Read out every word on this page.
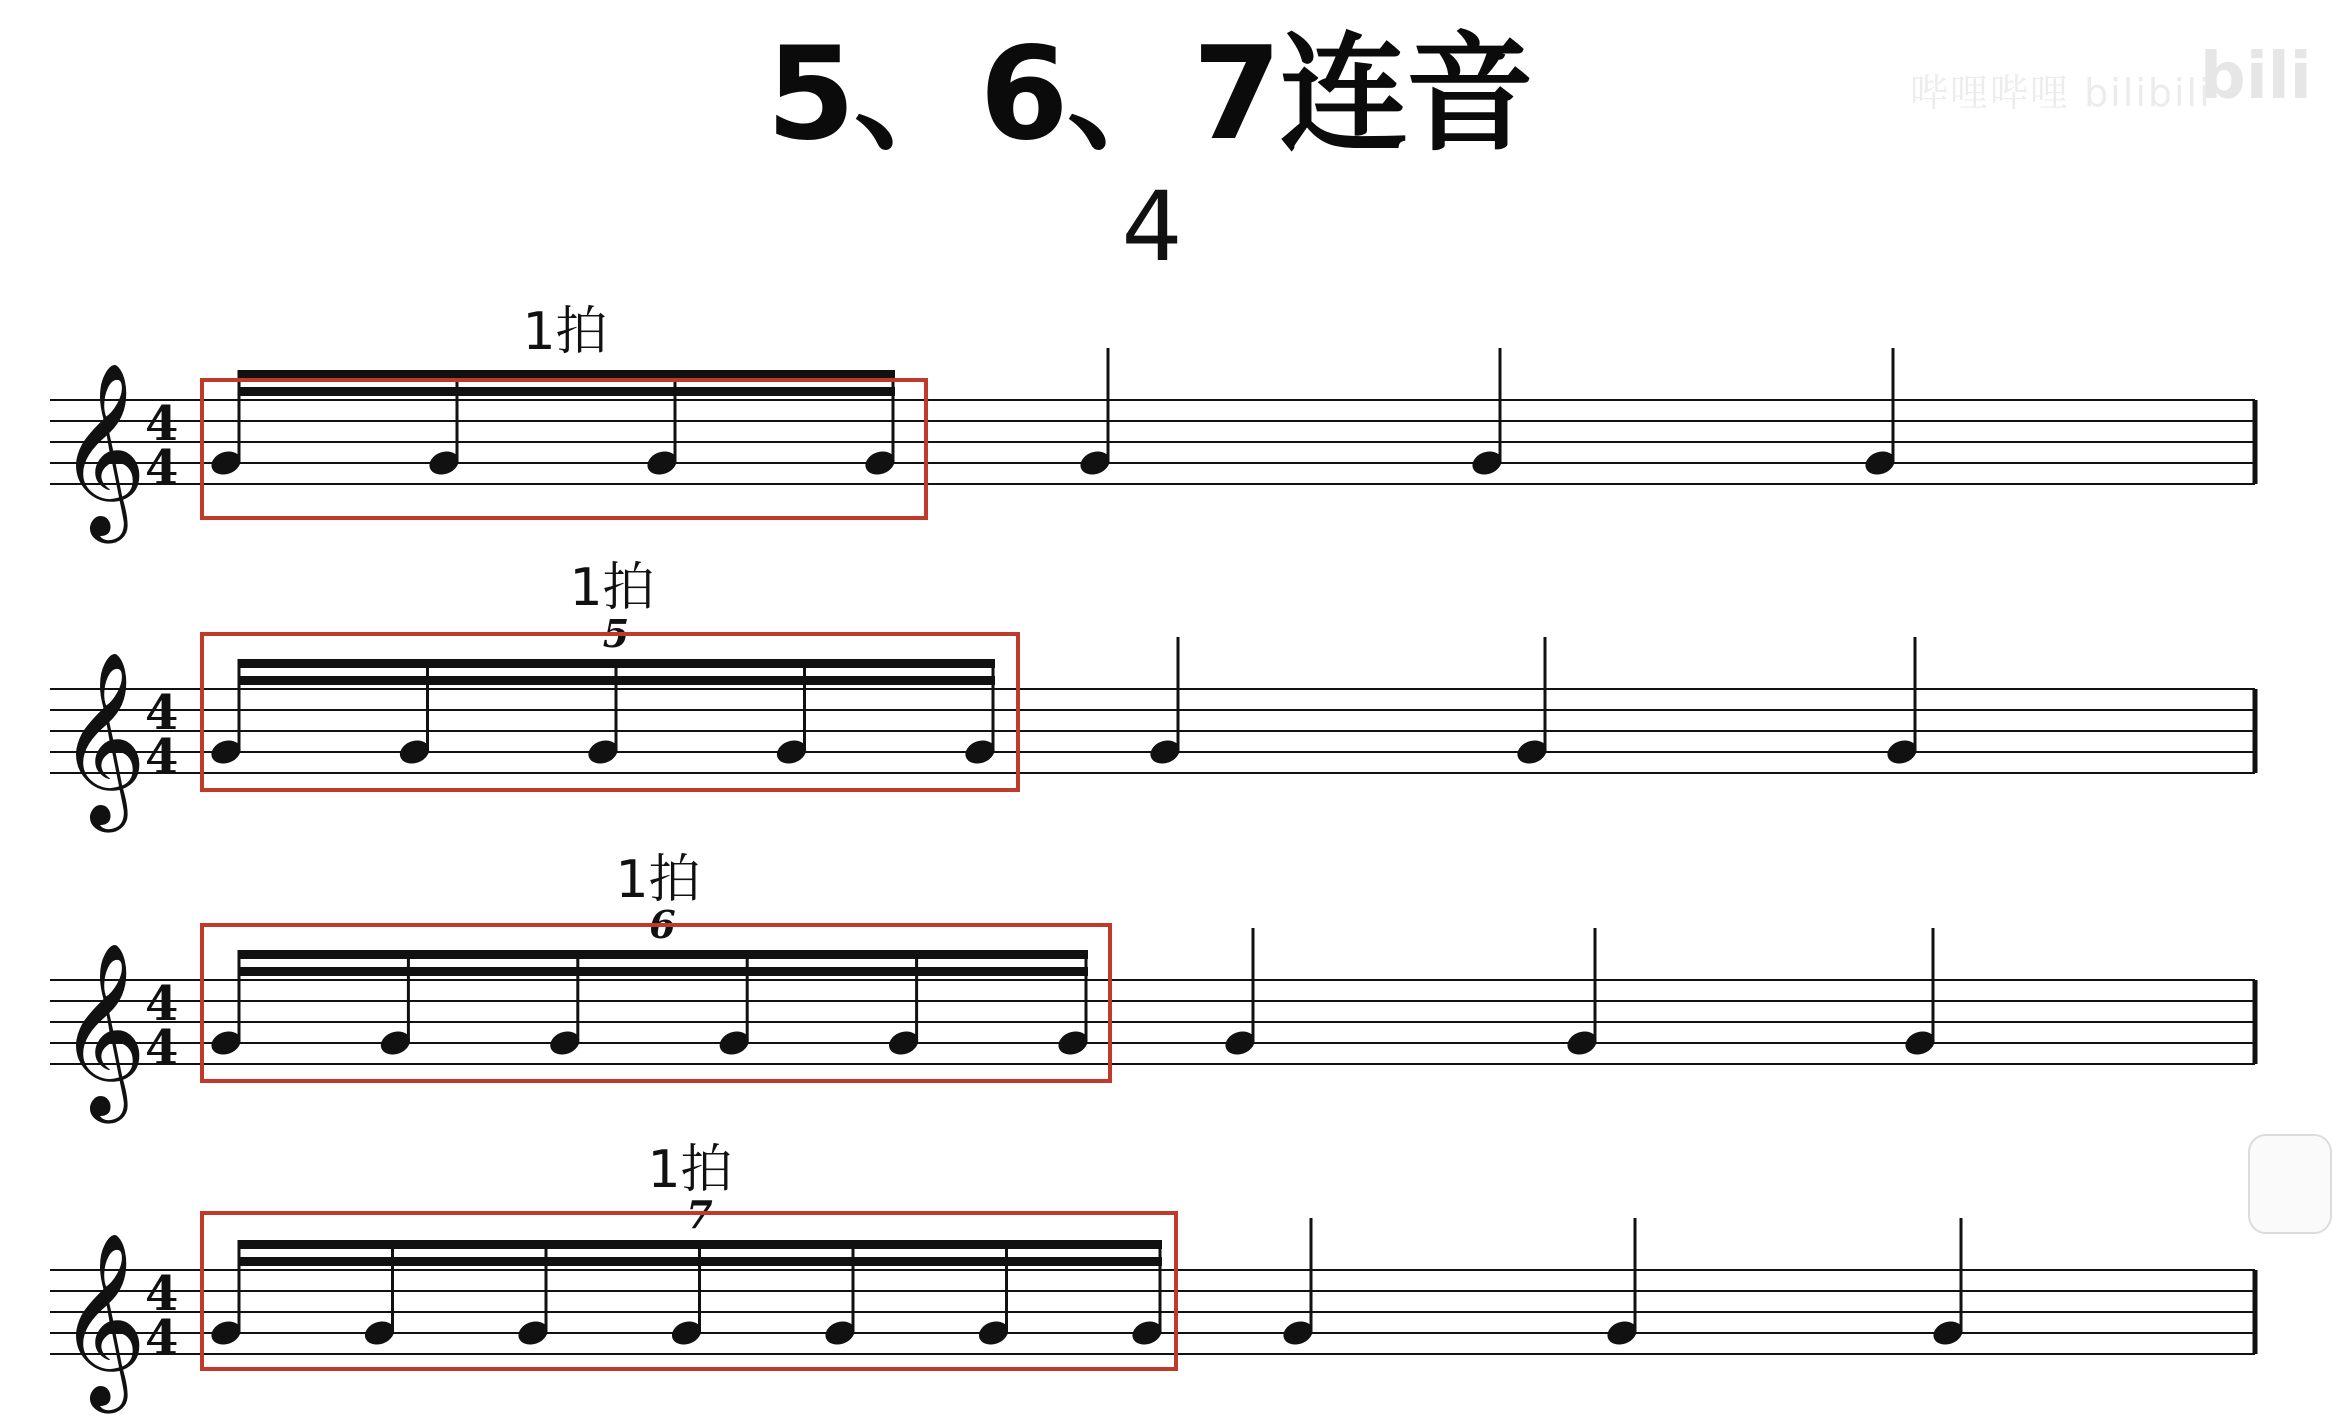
5、6、7连音
4
哔哩哔哩 bilibili
bili
1拍
1拍
1拍
1拍
𝄞
4
4
𝄞
4
4
5
𝄞
4
4
6
𝄞
4
4
7
